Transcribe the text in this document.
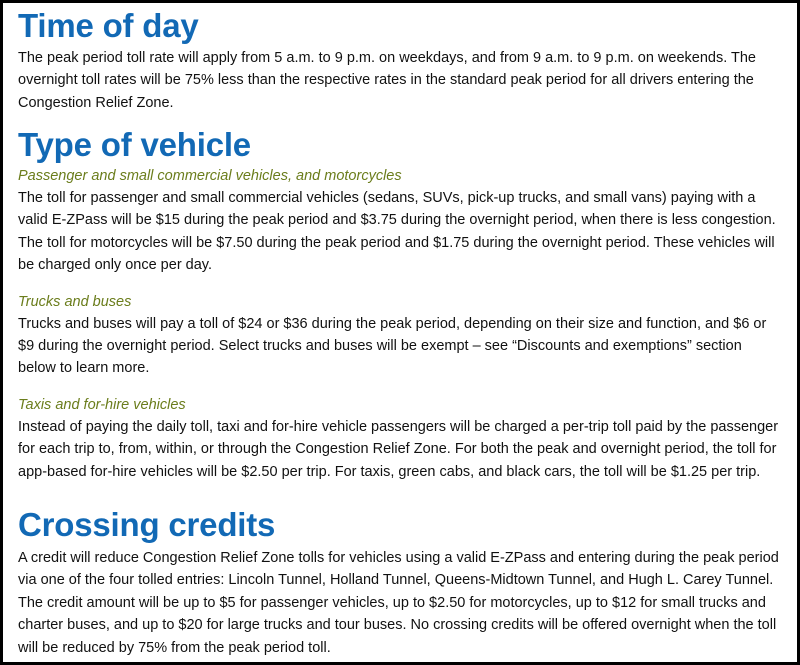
Time of day

The peak period toll rate will apply from 5 a.m. to 9 p.m. on weekdays, and from 9 a.m. to 9 p.m. on weekends. The overnight toll rates will be 75% less than the respective rates in the standard peak period for all drivers entering the Congestion Relief Zone.

Type of vehicle
Passenger and small commercial vehicles, and motorcycles

The toll for passenger and small commercial vehicles (sedans, SUVs, pick-up trucks, and small vans) paying with a valid E-ZPass will be $15 during the peak period and $3.75 during the overnight period, when there is less congestion. The toll for motorcycles will be $7.50 during the peak period and $1.75 during the overnight period. These vehicles will be charged only once per day.

Trucks and buses

Trucks and buses will pay a toll of $24 or $36 during the peak period, depending on their size and function, and $6 or $9 during the overnight period. Select trucks and buses will be exempt – see “Discounts and exemptions” section below to learn more.

Taxis and for-hire vehicles

Instead of paying the daily toll, taxi and for-hire vehicle passengers will be charged a per-trip toll paid by the passenger for each trip to, from, within, or through the Congestion Relief Zone. For both the peak and overnight period, the toll for app-based for-hire vehicles will be $2.50 per trip. For taxis, green cabs, and black cars, the toll will be $1.25 per trip.

Crossing credits

A credit will reduce Congestion Relief Zone tolls for vehicles using a valid E-ZPass and entering during the peak period via one of the four tolled entries: Lincoln Tunnel, Holland Tunnel, Queens-Midtown Tunnel, and Hugh L. Carey Tunnel. The credit amount will be up to $5 for passenger vehicles, up to $2.50 for motorcycles, up to $12 for small trucks and charter buses, and up to $20 for large trucks and tour buses. No crossing credits will be offered overnight when the toll will be reduced by 75% from the peak period toll.
